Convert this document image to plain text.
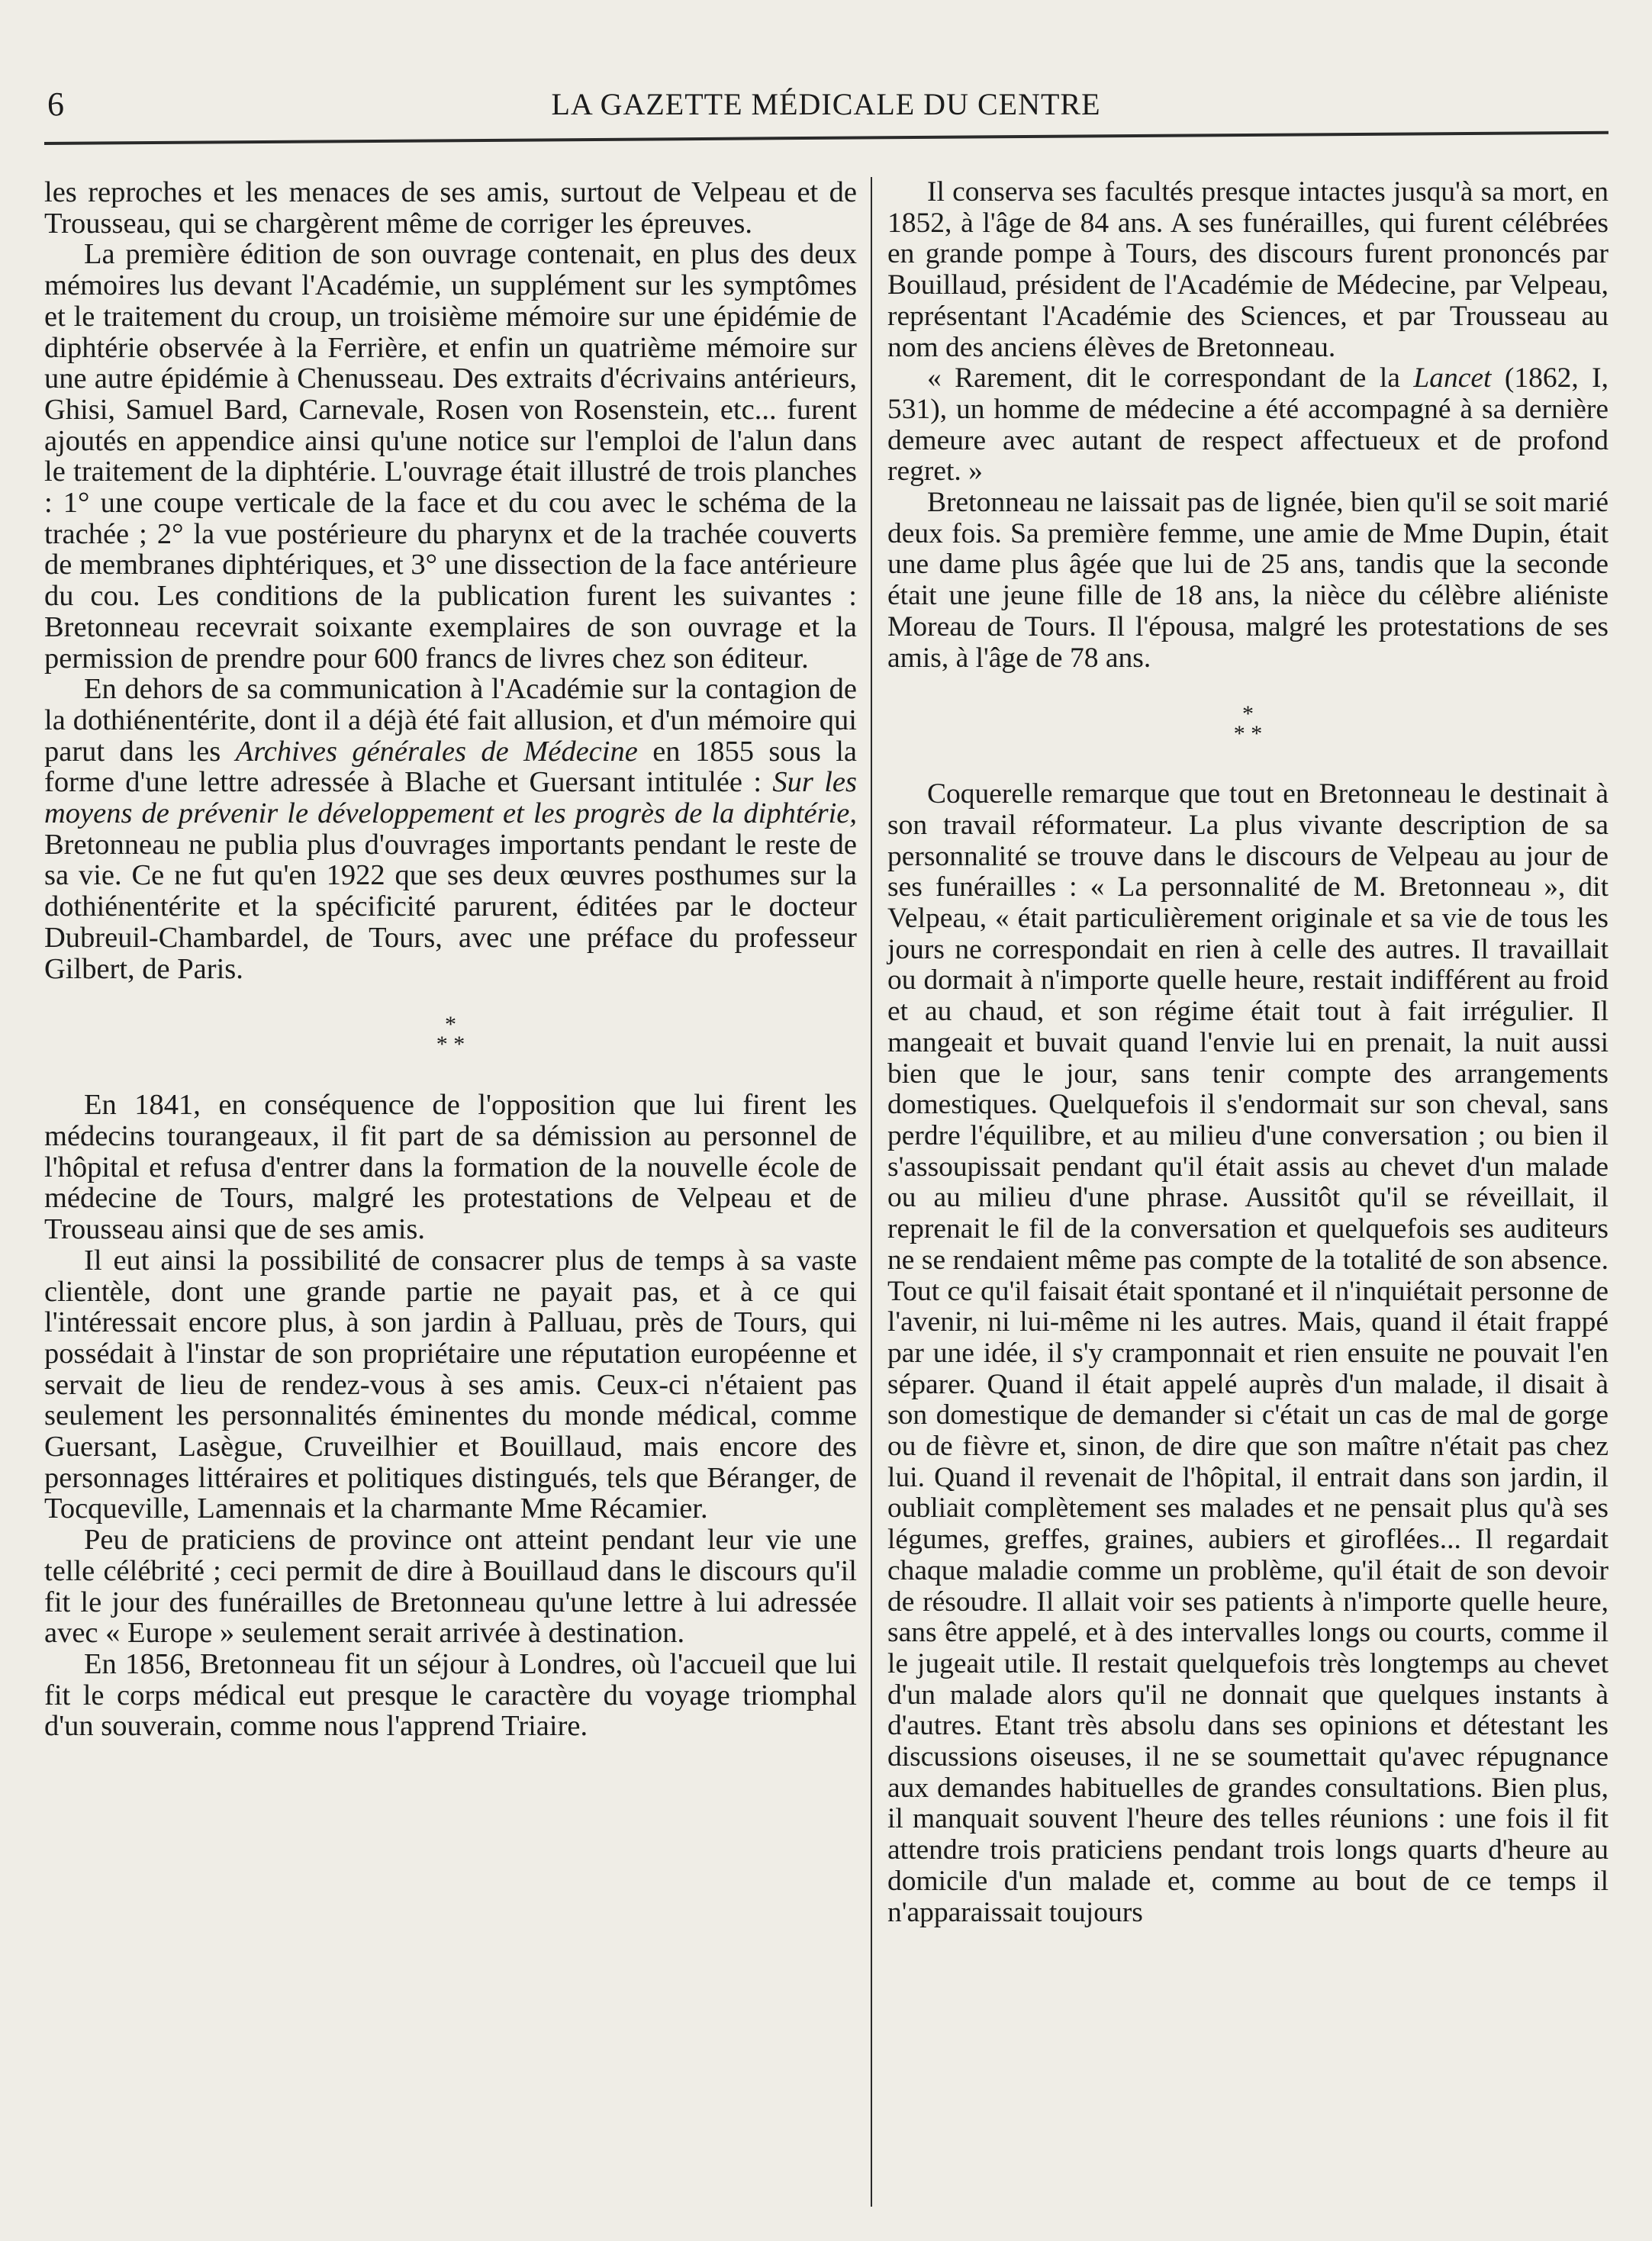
6	LA GAZETTE MÉDICALE DU CENTRE

les reproches et les menaces de ses amis, surtout de Velpeau et de Trousseau, qui se chargèrent même de corriger les épreuves.

La première édition de son ouvrage contenait, en plus des deux mémoires lus devant l'Académie, un supplément sur les symptômes et le traitement du croup, un troisième mémoire sur une épidémie de diphtérie observée à la Ferrière, et enfin un quatrième mémoire sur une autre épidémie à Chenusseau. Des extraits d'écrivains antérieurs, Ghisi, Samuel Bard, Carnevale, Rosen von Rosenstein, etc... furent ajoutés en appendice ainsi qu'une notice sur l'emploi de l'alun dans le traitement de la diphtérie. L'ouvrage était illustré de trois planches : 1° une coupe verticale de la face et du cou avec le schéma de la trachée ; 2° la vue postérieure du pharynx et de la trachée couverts de membranes diphtériques, et 3° une dissection de la face antérieure du cou. Les conditions de la publication furent les suivantes : Bretonneau recevrait soixante exemplaires de son ouvrage et la permission de prendre pour 600 francs de livres chez son éditeur.

En dehors de sa communication à l'Académie sur la contagion de la dothiénentérite, dont il a déjà été fait allusion, et d'un mémoire qui parut dans les Archives générales de Médecine en 1855 sous la forme d'une lettre adressée à Blache et Guersant intitulée : Sur les moyens de prévenir le développement et les progrès de la diphtérie, Bretonneau ne publia plus d'ouvrages importants pendant le reste de sa vie. Ce ne fut qu'en 1922 que ses deux œuvres posthumes sur la dothiénentérite et la spécificité parurent, éditées par le docteur Dubreuil-Chambardel, de Tours, avec une préface du professeur Gilbert, de Paris.

*
* *

En 1841, en conséquence de l'opposition que lui firent les médecins tourangeaux, il fit part de sa démission au personnel de l'hôpital et refusa d'entrer dans la formation de la nouvelle école de médecine de Tours, malgré les protestations de Velpeau et de Trousseau ainsi que de ses amis.

Il eut ainsi la possibilité de consacrer plus de temps à sa vaste clientèle, dont une grande partie ne payait pas, et à ce qui l'intéressait encore plus, à son jardin à Palluau, près de Tours, qui possédait à l'instar de son propriétaire une réputation européenne et servait de lieu de rendez-vous à ses amis. Ceux-ci n'étaient pas seulement les personnalités éminentes du monde médical, comme Guersant, Lasègue, Cruveilhier et Bouillaud, mais encore des personnages littéraires et politiques distingués, tels que Béranger, de Tocqueville, Lamennais et la charmante Mme Récamier.

Peu de praticiens de province ont atteint pendant leur vie une telle célébrité ; ceci permit de dire à Bouillaud dans le discours qu'il fit le jour des funérailles de Bretonneau qu'une lettre à lui adressée avec « Europe » seulement serait arrivée à destination.

En 1856, Bretonneau fit un séjour à Londres, où l'accueil que lui fit le corps médical eut presque le caractère du voyage triomphal d'un souverain, comme nous l'apprend Triaire.

Il conserva ses facultés presque intactes jusqu'à sa mort, en 1852, à l'âge de 84 ans. A ses funérailles, qui furent célébrées en grande pompe à Tours, des discours furent prononcés par Bouillaud, président de l'Académie de Médecine, par Velpeau, représentant l'Académie des Sciences, et par Trousseau au nom des anciens élèves de Bretonneau.

« Rarement, dit le correspondant de la Lancet (1862, I, 531), un homme de médecine a été accompagné à sa dernière demeure avec autant de respect affectueux et de profond regret. »

Bretonneau ne laissait pas de lignée, bien qu'il se soit marié deux fois. Sa première femme, une amie de Mme Dupin, était une dame plus âgée que lui de 25 ans, tandis que la seconde était une jeune fille de 18 ans, la nièce du célèbre aliéniste Moreau de Tours. Il l'épousa, malgré les protestations de ses amis, à l'âge de 78 ans.

*
* *

Coquerelle remarque que tout en Bretonneau le destinait à son travail réformateur. La plus vivante description de sa personnalité se trouve dans le discours de Velpeau au jour de ses funérailles : « La personnalité de M. Bretonneau », dit Velpeau, « était particulièrement originale et sa vie de tous les jours ne correspondait en rien à celle des autres. Il travaillait ou dormait à n'importe quelle heure, restait indifférent au froid et au chaud, et son régime était tout à fait irrégulier. Il mangeait et buvait quand l'envie lui en prenait, la nuit aussi bien que le jour, sans tenir compte des arrangements domestiques. Quelquefois il s'endormait sur son cheval, sans perdre l'équilibre, et au milieu d'une conversation ; ou bien il s'assoupissait pendant qu'il était assis au chevet d'un malade ou au milieu d'une phrase. Aussitôt qu'il se réveillait, il reprenait le fil de la conversation et quelquefois ses auditeurs ne se rendaient même pas compte de la totalité de son absence. Tout ce qu'il faisait était spontané et il n'inquiétait personne de l'avenir, ni lui-même ni les autres. Mais, quand il était frappé par une idée, il s'y cramponnait et rien ensuite ne pouvait l'en séparer. Quand il était appelé auprès d'un malade, il disait à son domestique de demander si c'était un cas de mal de gorge ou de fièvre et, sinon, de dire que son maître n'était pas chez lui. Quand il revenait de l'hôpital, il entrait dans son jardin, il oubliait complètement ses malades et ne pensait plus qu'à ses légumes, greffes, graines, aubiers et giroflées... Il regardait chaque maladie comme un problème, qu'il était de son devoir de résoudre. Il allait voir ses patients à n'importe quelle heure, sans être appelé, et à des intervalles longs ou courts, comme il le jugeait utile. Il restait quelquefois très longtemps au chevet d'un malade alors qu'il ne donnait que quelques instants à d'autres. Etant très absolu dans ses opinions et détestant les discussions oiseuses, il ne se soumettait qu'avec répugnance aux demandes habituelles de grandes consultations. Bien plus, il manquait souvent l'heure des telles réunions : une fois il fit attendre trois praticiens pendant trois longs quarts d'heure au domicile d'un malade et, comme au bout de ce temps il n'apparaissait toujours
